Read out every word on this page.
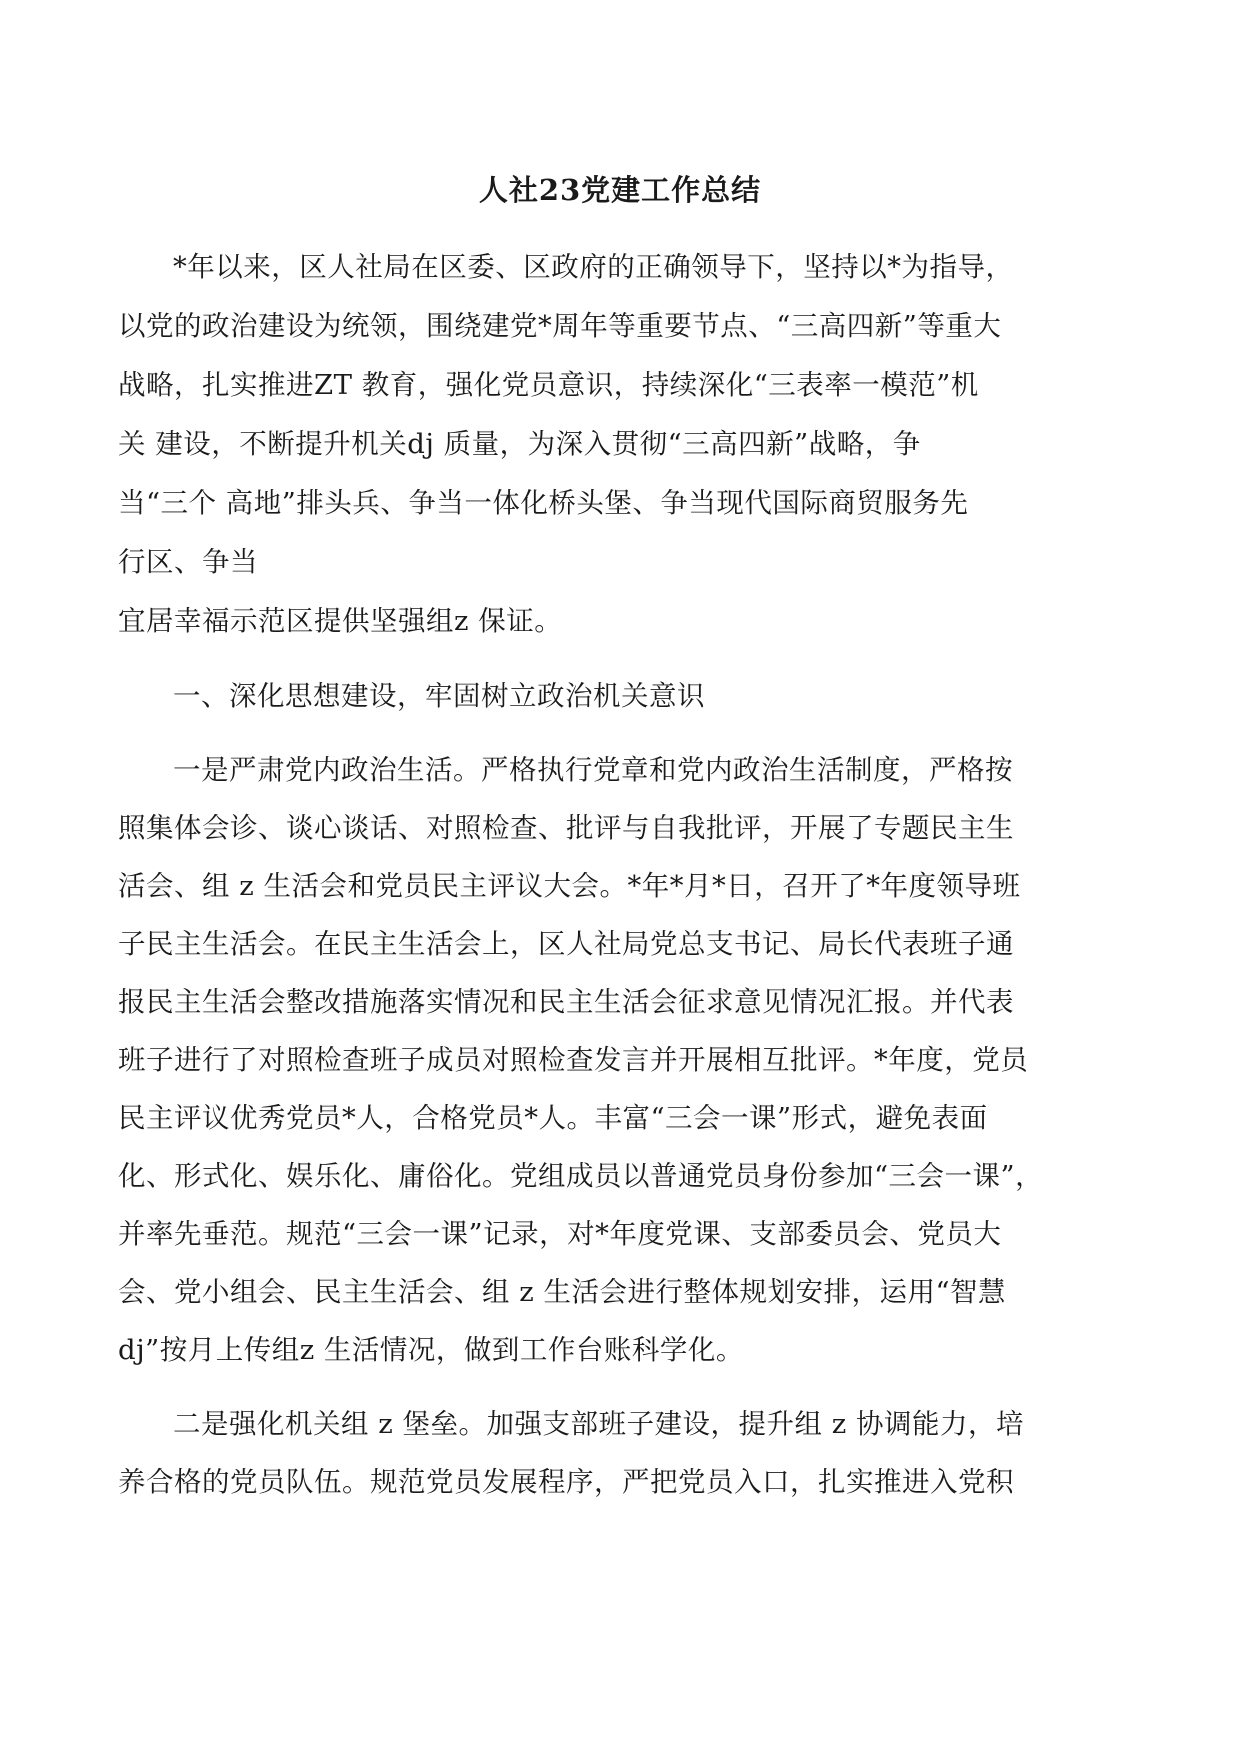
人社23党建工作总结

*年以来，区人社局在区委、区政府的正确领导下，坚持以*为指导，
以党的政治建设为统领，围绕建党*周年等重要节点、“三高四新”等重大
战略，扎实推进ZT 教育，强化党员意识，持续深化“三表率一模范”机
关 建设，不断提升机关dj 质量，为深入贯彻“三高四新”战略，争
当“三个 高地”排头兵、争当一体化桥头堡、争当现代国际商贸服务先
行区、争当
宜居幸福示范区提供坚强组z 保证。

一、深化思想建设，牢固树立政治机关意识

一是严肃党内政治生活。严格执行党章和党内政治生活制度，严格按
照集体会诊、谈心谈话、对照检查、批评与自我批评，开展了专题民主生
活会、组 z 生活会和党员民主评议大会。*年*月*日，召开了*年度领导班
子民主生活会。在民主生活会上，区人社局党总支书记、局长代表班子通
报民主生活会整改措施落实情况和民主生活会征求意见情况汇报。并代表
班子进行了对照检查班子成员对照检查发言并开展相互批评。*年度，党员
民主评议优秀党员*人，合格党员*人。丰富“三会一课”形式，避免表面
化、形式化、娱乐化、庸俗化。党组成员以普通党员身份参加“三会一课”，
并率先垂范。规范“三会一课”记录，对*年度党课、支部委员会、党员大
会、党小组会、民主生活会、组 z 生活会进行整体规划安排，运用“智慧
dj”按月上传组z 生活情况，做到工作台账科学化。

二是强化机关组 z 堡垒。加强支部班子建设，提升组 z 协调能力，培
养合格的党员队伍。规范党员发展程序，严把党员入口，扎实推进入党积
